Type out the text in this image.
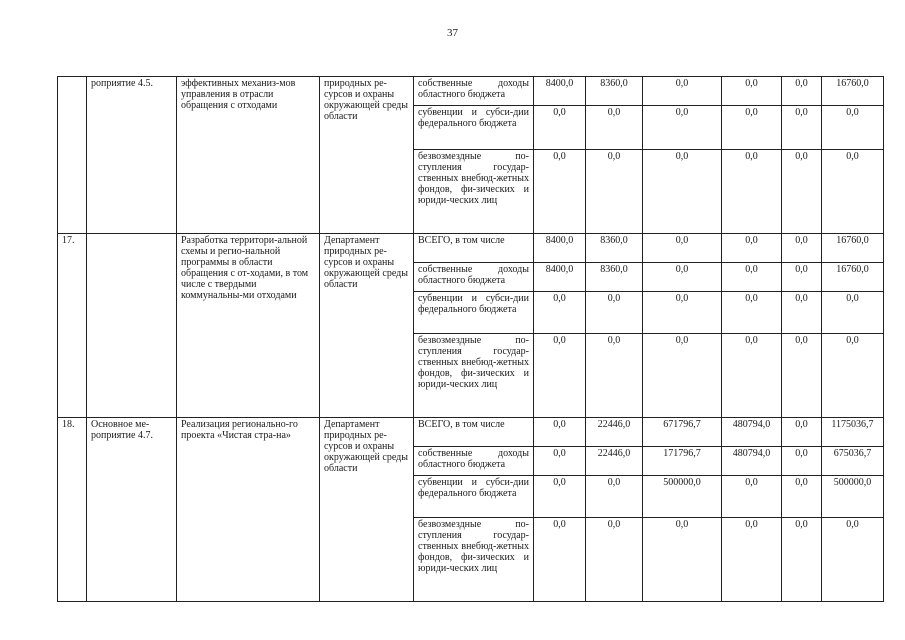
37
	роприятие 4.5.	эффективных механиз-мов управления в отрасли обращения с отходами	природных ре-сурсов и охраны окружающей среды области	собственные доходы областного бюджета	8400,0	8360,0	0,0	0,0	0,0	16760,0
				субвенции и субси-дии федерального бюджета	0,0	0,0	0,0	0,0	0,0	0,0
				безвозмездные по-ступления государ-ственных внебюд-жетных фондов, фи-зических и юриди-ческих лиц	0,0	0,0	0,0	0,0	0,0	0,0
17.		Разработка территори-альной схемы и регио-нальной программы в области обращения с от-ходами, в том числе с твердыми коммунальны-ми отходами	Департамент природных ре-сурсов и охраны окружающей среды области	ВСЕГО, в том числе	8400,0	8360,0	0,0	0,0	0,0	16760,0
				собственные доходы областного бюджета	8400,0	8360,0	0,0	0,0	0,0	16760,0
				субвенции и субси-дии федерального бюджета	0,0	0,0	0,0	0,0	0,0	0,0
				безвозмездные по-ступления государ-ственных внебюд-жетных фондов, фи-зических и юриди-ческих лиц	0,0	0,0	0,0	0,0	0,0	0,0
18.	Основное ме-роприятие 4.7.	Реализация регионально-го проекта «Чистая стра-на»	Департамент природных ре-сурсов и охраны окружающей среды области	ВСЕГО, в том числе	0,0	22446,0	671796,7	480794,0	0,0	1175036,7
				собственные доходы областного бюджета	0,0	22446,0	171796,7	480794,0	0,0	675036,7
				субвенции и субси-дии федерального бюджета	0,0	0,0	500000,0	0,0	0,0	500000,0
				безвозмездные по-ступления государ-ственных внебюд-жетных фондов, фи-зических и юриди-ческих лиц	0,0	0,0	0,0	0,0	0,0	0,0
